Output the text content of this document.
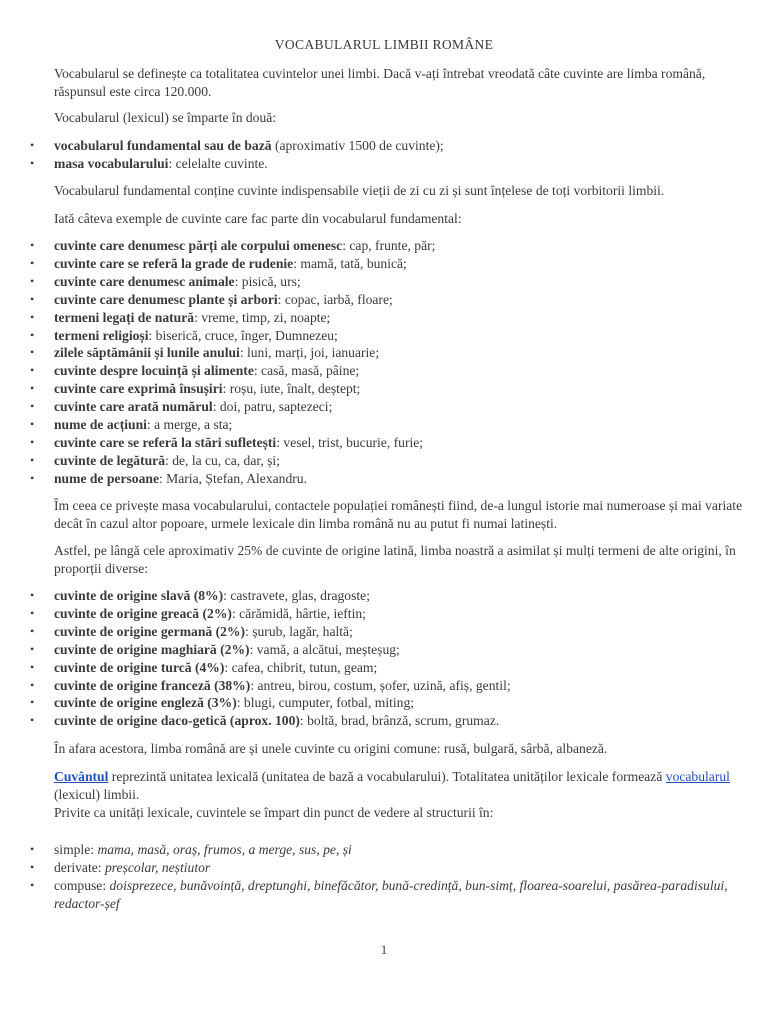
VOCABULARUL LIMBII ROMÂNE

Vocabularul se definește ca totalitatea cuvintelor unei limbi. Dacă v-ați întrebat vreodată câte cuvinte are limba română, răspunsul este circa 120.000.

Vocabularul (lexicul) se împarte în două:

• vocabularul fundamental sau de bază (aproximativ 1500 de cuvinte);
• masa vocabularului: celelalte cuvinte.

Vocabularul fundamental conține cuvinte indispensabile vieții de zi cu zi și sunt înțelese de toți vorbitorii limbii.

Iată câteva exemple de cuvinte care fac parte din vocabularul fundamental:

• cuvinte care denumesc părți ale corpului omenesc: cap, frunte, păr;
• cuvinte care se referă la grade de rudenie: mamă, tată, bunică;
• cuvinte care denumesc animale: pisică, urs;
• cuvinte care denumesc plante și arbori: copac, iarbă, floare;
• termeni legați de natură: vreme, timp, zi, noapte;
• termeni religioși: biserică, cruce, înger, Dumnezeu;
• zilele săptămânii și lunile anului: luni, marți, joi, ianuarie;
• cuvinte despre locuință și alimente: casă, masă, pâine;
• cuvinte care exprimă însușiri: roșu, iute, înalt, deștept;
• cuvinte care arată numărul: doi, patru, saptezeci;
• nume de acțiuni: a merge, a sta;
• cuvinte care se referă la stări sufletești: vesel, trist, bucurie, furie;
• cuvinte de legătură: de, la cu, ca, dar, și;
• nume de persoane: Maria, Ștefan, Alexandru.

Îm ceea ce privește masa vocabularului, contactele populației românești fiind, de-a lungul istorie mai numeroase și mai variate decât în cazul altor popoare, urmele lexicale din limba română nu au putut fi numai latinești.

Astfel, pe lângă cele aproximativ 25% de cuvinte de origine latină, limba noastră a asimilat și mulți termeni de alte origini, în proporții diverse:

• cuvinte de origine slavă (8%): castravete, glas, dragoste;
• cuvinte de origine greacă (2%): cărămidă, hârtie, ieftin;
• cuvinte de origine germană (2%): șurub, lagăr, haltă;
• cuvinte de origine maghiară (2%): vamă, a alcătui, meșteșug;
• cuvinte de origine turcă (4%): cafea, chibrit, tutun, geam;
• cuvinte de origine franceză (38%): antreu, birou, costum, șofer, uzină, afiș, gentil;
• cuvinte de origine engleză (3%): blugi, cumputer, fotbal, miting;
• cuvinte de origine daco-getică (aprox. 100): boltă, brad, brânză, scrum, grumaz.

În afara acestora, limba română are și unele cuvinte cu origini comune: rusă, bulgară, sârbă, albaneză.

Cuvântul reprezintă unitatea lexicală (unitatea de bază a vocabularului). Totalitatea unităților lexicale formează vocabularul (lexicul) limbii.
Privite ca unități lexicale, cuvintele se împart din punct de vedere al structurii în:

• simple: mama, masă, oraș, frumos, a merge, sus, pe, și
• derivate: preșcolar, neștiutor
• compuse: doisprezece, bunăvoință, dreptunghi, binefăcător, bună-credință, bun-simț, floarea-soarelui, pasărea-paradisului, redactor-șef
1
